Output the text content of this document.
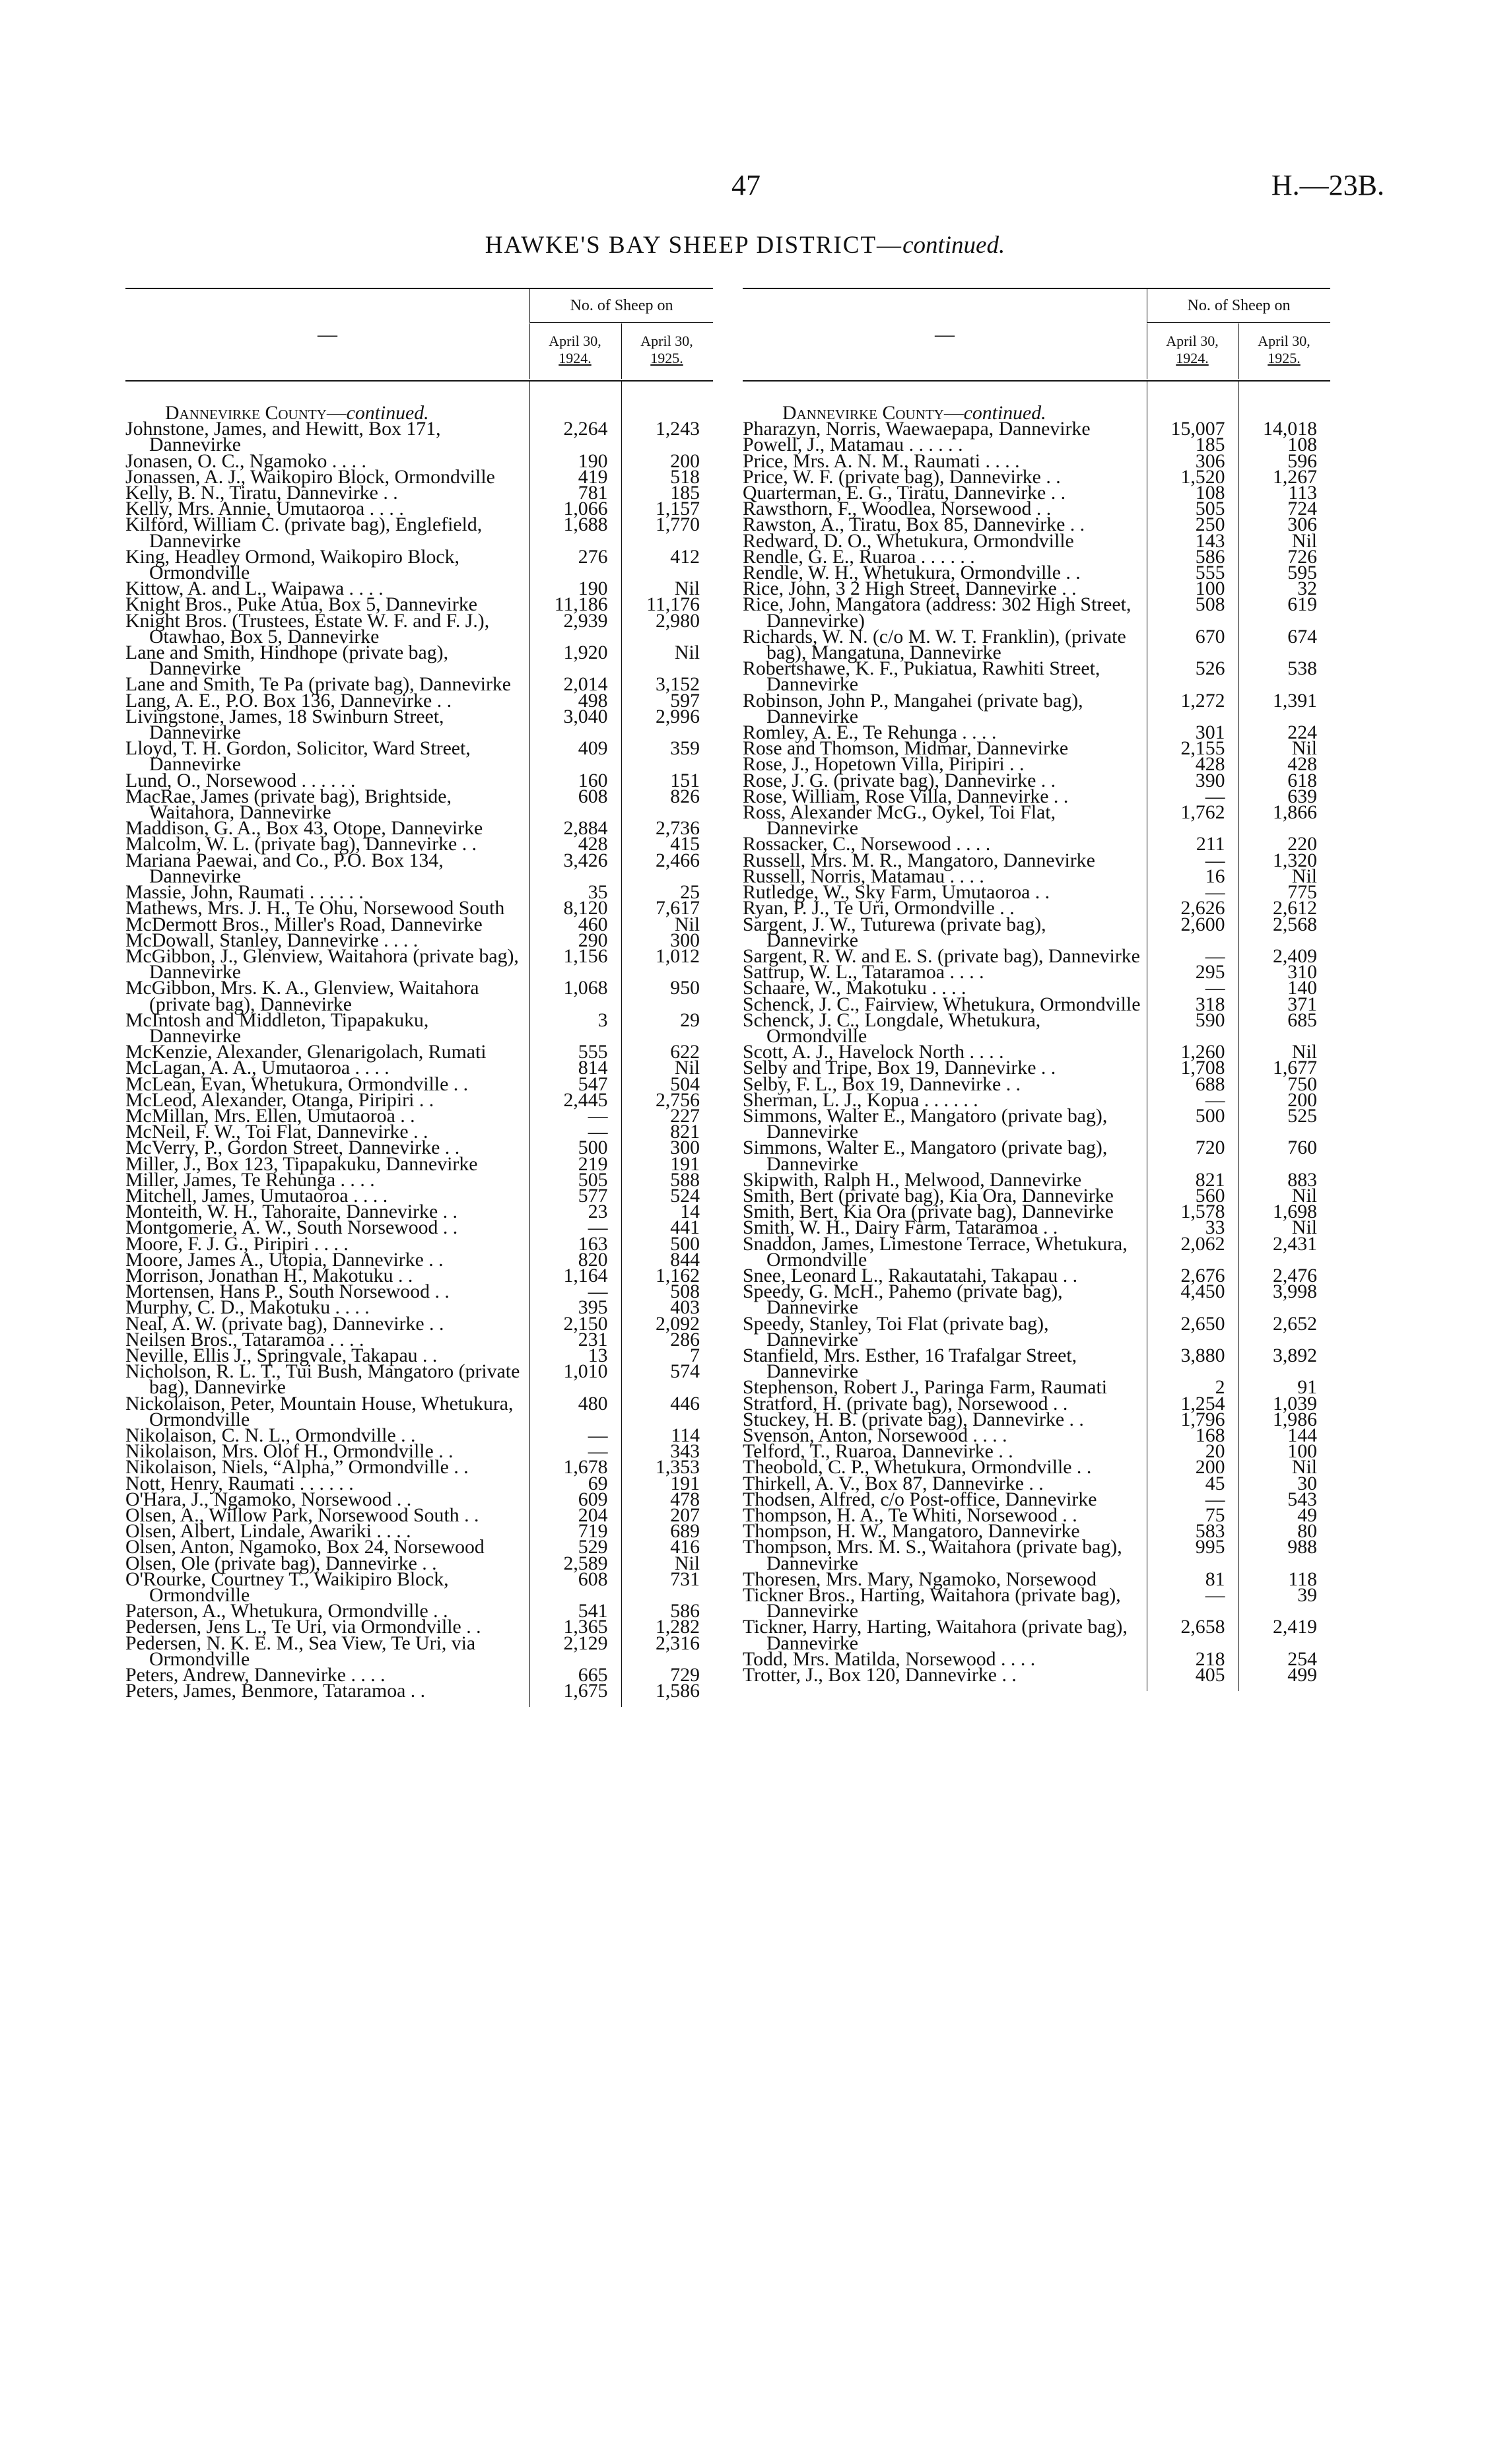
47	H.—23B.
HAWKE'S BAY SHEEP DISTRICT—continued.
—
No. of Sheep on
April 30,
1924.
April 30,
1925.

Dannevirke County—continued.		

Johnstone, James, and Hewitt, Box 171, Dannevirke	2,264	1,243

Jonasen, O. C., Ngamoko . . . .	190	200

Jonassen, A. J., Waikopiro Block, Ormondville	419	518

Kelly, B. N., Tiratu, Dannevirke . .	781	185

Kelly, Mrs. Annie, Umutaoroa . . . .	1,066	1,157

Kilford, William C. (private bag), Englefield, Dannevirke	1,688	1,770

King, Headley Ormond, Waikopiro Block, Ormondville	276	412

Kittow, A. and L., Waipawa . . . .	190	Nil

Knight Bros., Puke Atua, Box 5, Dannevirke	11,186	11,176

Knight Bros. (Trustees, Estate W. F. and F. J.), Otawhao, Box 5, Dannevirke	2,939	2,980

Lane and Smith, Hindhope (private bag), Dannevirke	1,920	Nil

Lane and Smith, Te Pa (private bag), Dannevirke	2,014	3,152

Lang, A. E., P.O. Box 136, Dannevirke . .	498	597

Livingstone, James, 18 Swinburn Street, Dannevirke	3,040	2,996

Lloyd, T. H. Gordon, Solicitor, Ward Street, Dannevirke	409	359

Lund, O., Norsewood . . . . . .	160	151

MacRae, James (private bag), Brightside, Waitahora, Dannevirke	608	826

Maddison, G. A., Box 43, Otope, Dannevirke	2,884	2,736

Malcolm, W. L. (private bag), Dannevirke . .	428	415

Mariana Paewai, and Co., P.O. Box 134, Dannevirke	3,426	2,466

Massie, John, Raumati . . . . . .	35	25

Mathews, Mrs. J. H., Te Ohu, Norsewood South	8,120	7,617

McDermott Bros., Miller's Road, Dannevirke	460	Nil

McDowall, Stanley, Dannevirke . . . .	290	300

McGibbon, J., Glenview, Waitahora (private bag), Dannevirke	1,156	1,012

McGibbon, Mrs. K. A., Glenview, Waitahora (private bag), Dannevirke	1,068	950

McIntosh and Middleton, Tipapakuku, Dannevirke	3	29

McKenzie, Alexander, Glenarigolach, Rumati	555	622

McLagan, A. A., Umutaoroa . . . .	814	Nil

McLean, Evan, Whetukura, Ormondville . .	547	504

McLeod, Alexander, Otanga, Piripiri . .	2,445	2,756

McMillan, Mrs. Ellen, Umutaoroa . .	—	227

McNeil, F. W., Toi Flat, Dannevirke . .	—	821

McVerry, P., Gordon Street, Dannevirke . .	500	300

Miller, J., Box 123, Tipapakuku, Dannevirke	219	191

Miller, James, Te Rehunga . . . .	505	588

Mitchell, James, Umutaoroa . . . .	577	524

Monteith, W. H., Tahoraite, Dannevirke . .	23	14

Montgomerie, A. W., South Norsewood . .	—	441

Moore, F. J. G., Piripiri . . . .	163	500

Moore, James A., Utopia, Dannevirke . .	820	844

Morrison, Jonathan H., Makotuku . .	1,164	1,162

Mortensen, Hans P., South Norsewood . .	—	508

Murphy, C. D., Makotuku . . . .	395	403

Neal, A. W. (private bag), Dannevirke . .	2,150	2,092

Neilsen Bros., Tataramoa . . . .	231	286

Neville, Ellis J., Springvale, Takapau . .	13	7

Nicholson, R. L. T., Tui Bush, Mangatoro (private bag), Dannevirke	1,010	574

Nickolaison, Peter, Mountain House, Whetukura, Ormondville	480	446

Nikolaison, C. N. L., Ormondville . .	—	114

Nikolaison, Mrs. Olof H., Ormondville . .	—	343

Nikolaison, Niels, “Alpha,” Ormondville . .	1,678	1,353

Nott, Henry, Raumati . . . . . .	69	191

O'Hara, J., Ngamoko, Norsewood . .	609	478

Olsen, A., Willow Park, Norsewood South . .	204	207

Olsen, Albert, Lindale, Awariki . . . .	719	689

Olsen, Anton, Ngamoko, Box 24, Norsewood	529	416

Olsen, Ole (private bag), Dannevirke . .	2,589	Nil

O'Rourke, Courtney T., Waikipiro Block, Ormondville	608	731

Paterson, A., Whetukura, Ormondville . .	541	586

Pedersen, Jens L., Te Uri, via Ormondville . .	1,365	1,282

Pedersen, N. K. E. M., Sea View, Te Uri, via Ormondville	2,129	2,316

Peters, Andrew, Dannevirke . . . .	665	729

Peters, James, Benmore, Tataramoa . .	1,675	1,586

—
No. of Sheep on
April 30,
1924.
April 30,
1925.

Dannevirke County—continued.		

Pharazyn, Norris, Waewaepapa, Dannevirke	15,007	14,018

Powell, J., Matamau . . . . . .	185	108

Price, Mrs. A. N. M., Raumati . . . .	306	596

Price, W. F. (private bag), Dannevirke . .	1,520	1,267

Quarterman, E. G., Tiratu, Dannevirke . .	108	113

Rawsthorn, F., Woodlea, Norsewood . .	505	724

Rawston, A., Tiratu, Box 85, Dannevirke . .	250	306

Redward, D. O., Whetukura, Ormondville	143	Nil

Rendle, G. E., Ruaroa . . . . . .	586	726

Rendle, W. H., Whetukura, Ormondville . .	555	595

Rice, John, 3 2 High Street, Dannevirke . .	100	32

Rice, John, Mangatora (address: 302 High Street, Dannevirke)	508	619

Richards, W. N. (c/o M. W. T. Franklin), (private bag), Mangatuna, Dannevirke	670	674

Robertshawe, K. F., Pukiatua, Rawhiti Street, Dannevirke	526	538

Robinson, John P., Mangahei (private bag), Dannevirke	1,272	1,391

Romley, A. E., Te Rehunga . . . .	301	224

Rose and Thomson, Midmar, Dannevirke	2,155	Nil

Rose, J., Hopetown Villa, Piripiri . .	428	428

Rose, J. G. (private bag), Dannevirke . .	390	618

Rose, William, Rose Villa, Dannevirke . .	—	639

Ross, Alexander McG., Oykel, Toi Flat, Dannevirke	1,762	1,866

Rossacker, C., Norsewood . . . .	211	220

Russell, Mrs. M. R., Mangatoro, Dannevirke	—	1,320

Russell, Norris, Matamau . . . .	16	Nil

Rutledge, W., Sky Farm, Umutaoroa . .	—	775

Ryan, P. J., Te Uri, Ormondville . .	2,626	2,612

Sargent, J. W., Tuturewa (private bag), Dannevirke	2,600	2,568

Sargent, R. W. and E. S. (private bag), Dannevirke	—	2,409

Sattrup, W. L., Tataramoa . . . .	295	310

Schaare, W., Makotuku . . . .	—	140

Schenck, J. C., Fairview, Whetukura, Ormondville	318	371

Schenck, J. C., Longdale, Whetukura, Ormondville	590	685

Scott, A. J., Havelock North . . . .	1,260	Nil

Selby and Tripe, Box 19, Dannevirke . .	1,708	1,677

Selby, F. L., Box 19, Dannevirke . .	688	750

Sherman, L. J., Kopua . . . . . .	—	200

Simmons, Walter E., Mangatoro (private bag), Dannevirke	500	525

Simmons, Walter E., Mangatoro (private bag), Dannevirke	720	760

Skipwith, Ralph H., Melwood, Dannevirke	821	883

Smith, Bert (private bag), Kia Ora, Dannevirke	560	Nil

Smith, Bert, Kia Ora (private bag), Dannevirke	1,578	1,698

Smith, W. H., Dairy Farm, Tataramoa . .	33	Nil

Snaddon, James, Limestone Terrace, Whetukura, Ormondville	2,062	2,431

Snee, Leonard L., Rakautatahi, Takapau . .	2,676	2,476

Speedy, G. McH., Pahemo (private bag), Dannevirke	4,450	3,998

Speedy, Stanley, Toi Flat (private bag), Dannevirke	2,650	2,652

Stanfield, Mrs. Esther, 16 Trafalgar Street, Dannevirke	3,880	3,892

Stephenson, Robert J., Paringa Farm, Raumati	2	91

Stratford, H. (private bag), Norsewood . .	1,254	1,039

Stuckey, H. B. (private bag), Dannevirke . .	1,796	1,986

Svenson, Anton, Norsewood . . . .	168	144

Telford, T., Ruaroa, Dannevirke . .	20	100

Theobold, C. P., Whetukura, Ormondville . .	200	Nil

Thirkell, A. V., Box 87, Dannevirke . .	45	30

Thodsen, Alfred, c/o Post-office, Dannevirke	—	543

Thompson, H. A., Te Whiti, Norsewood . .	75	49

Thompson, H. W., Mangatoro, Dannevirke	583	80

Thompson, Mrs. M. S., Waitahora (private bag), Dannevirke	995	988

Thoresen, Mrs. Mary, Ngamoko, Norsewood	81	118

Tickner Bros., Harting, Waitahora (private bag), Dannevirke	—	39

Tickner, Harry, Harting, Waitahora (private bag), Dannevirke	2,658	2,419

Todd, Mrs. Matilda, Norsewood . . . .	218	254

Trotter, J., Box 120, Dannevirke . .	405	499
